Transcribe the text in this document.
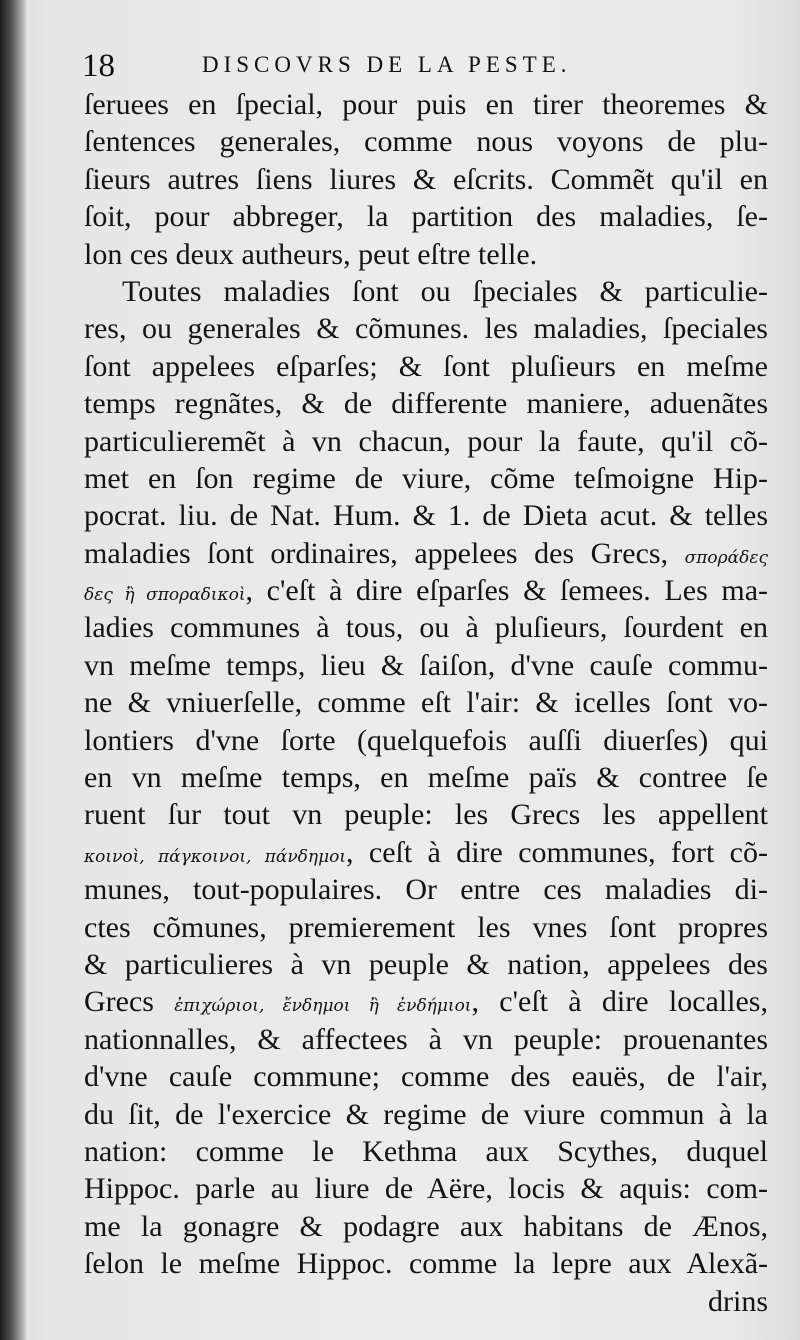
18	DISCOVRS DE LA PESTE.
ſeruees en ſpecial, pour puis en tirer theoremes &
ſentences generales, comme nous voyons de plu-
ſieurs autres ſiens liures & eſcrits. Commẽt qu'il en
ſoit, pour abbreger, la partition des maladies, ſe-
lon ces deux autheurs, peut eſtre telle.
Toutes maladies ſont ou ſpeciales & particulie-
res, ou generales & cõmunes. les maladies, ſpeciales
ſont appelees eſparſes; & ſont pluſieurs en meſme
temps regnãtes, & de differente maniere, aduenãtes
particulieremẽt à vn chacun, pour la faute, qu'il cõ-
met en ſon regime de viure, cõme teſmoigne Hip-
pocrat. liu. de Nat. Hum. & 1. de Dieta acut. & telles
maladies ſont ordinaires, appelees des Grecs, σποράδες
δες ἢ σποραδικοὶ, c'eſt à dire eſparſes & ſemees. Les ma-
ladies communes à tous, ou à pluſieurs, ſourdent en
vn meſme temps, lieu & ſaiſon, d'vne cauſe commu-
ne & vniuerſelle, comme eſt l'air: & icelles ſont vo-
lontiers d'vne ſorte (quelquefois auſſi diuerſes) qui
en vn meſme temps, en meſme païs & contree ſe
ruent ſur tout vn peuple: les Grecs les appellent
κοινοὶ, πάγκοινοι, πάνδημοι, ceſt à dire communes, fort cõ-
munes, tout-populaires. Or entre ces maladies di-
ctes cõmunes, premierement les vnes ſont propres
& particulieres à vn peuple & nation, appelees des
Grecs ἐπιχώριοι, ἔνδημοι ἢ ἐνδήμιοι, c'eſt à dire localles,
nationnalles, & affectees à vn peuple: prouenantes
d'vne cauſe commune; comme des eauës, de l'air,
du ſit, de l'exercice & regime de viure commun à la
nation: comme le Kethma aux Scythes, duquel
Hippoc. parle au liure de Aëre, locis & aquis: com-
me la gonagre & podagre aux habitans de Ænos,
ſelon le meſme Hippoc. comme la lepre aux Alexã-
drins
